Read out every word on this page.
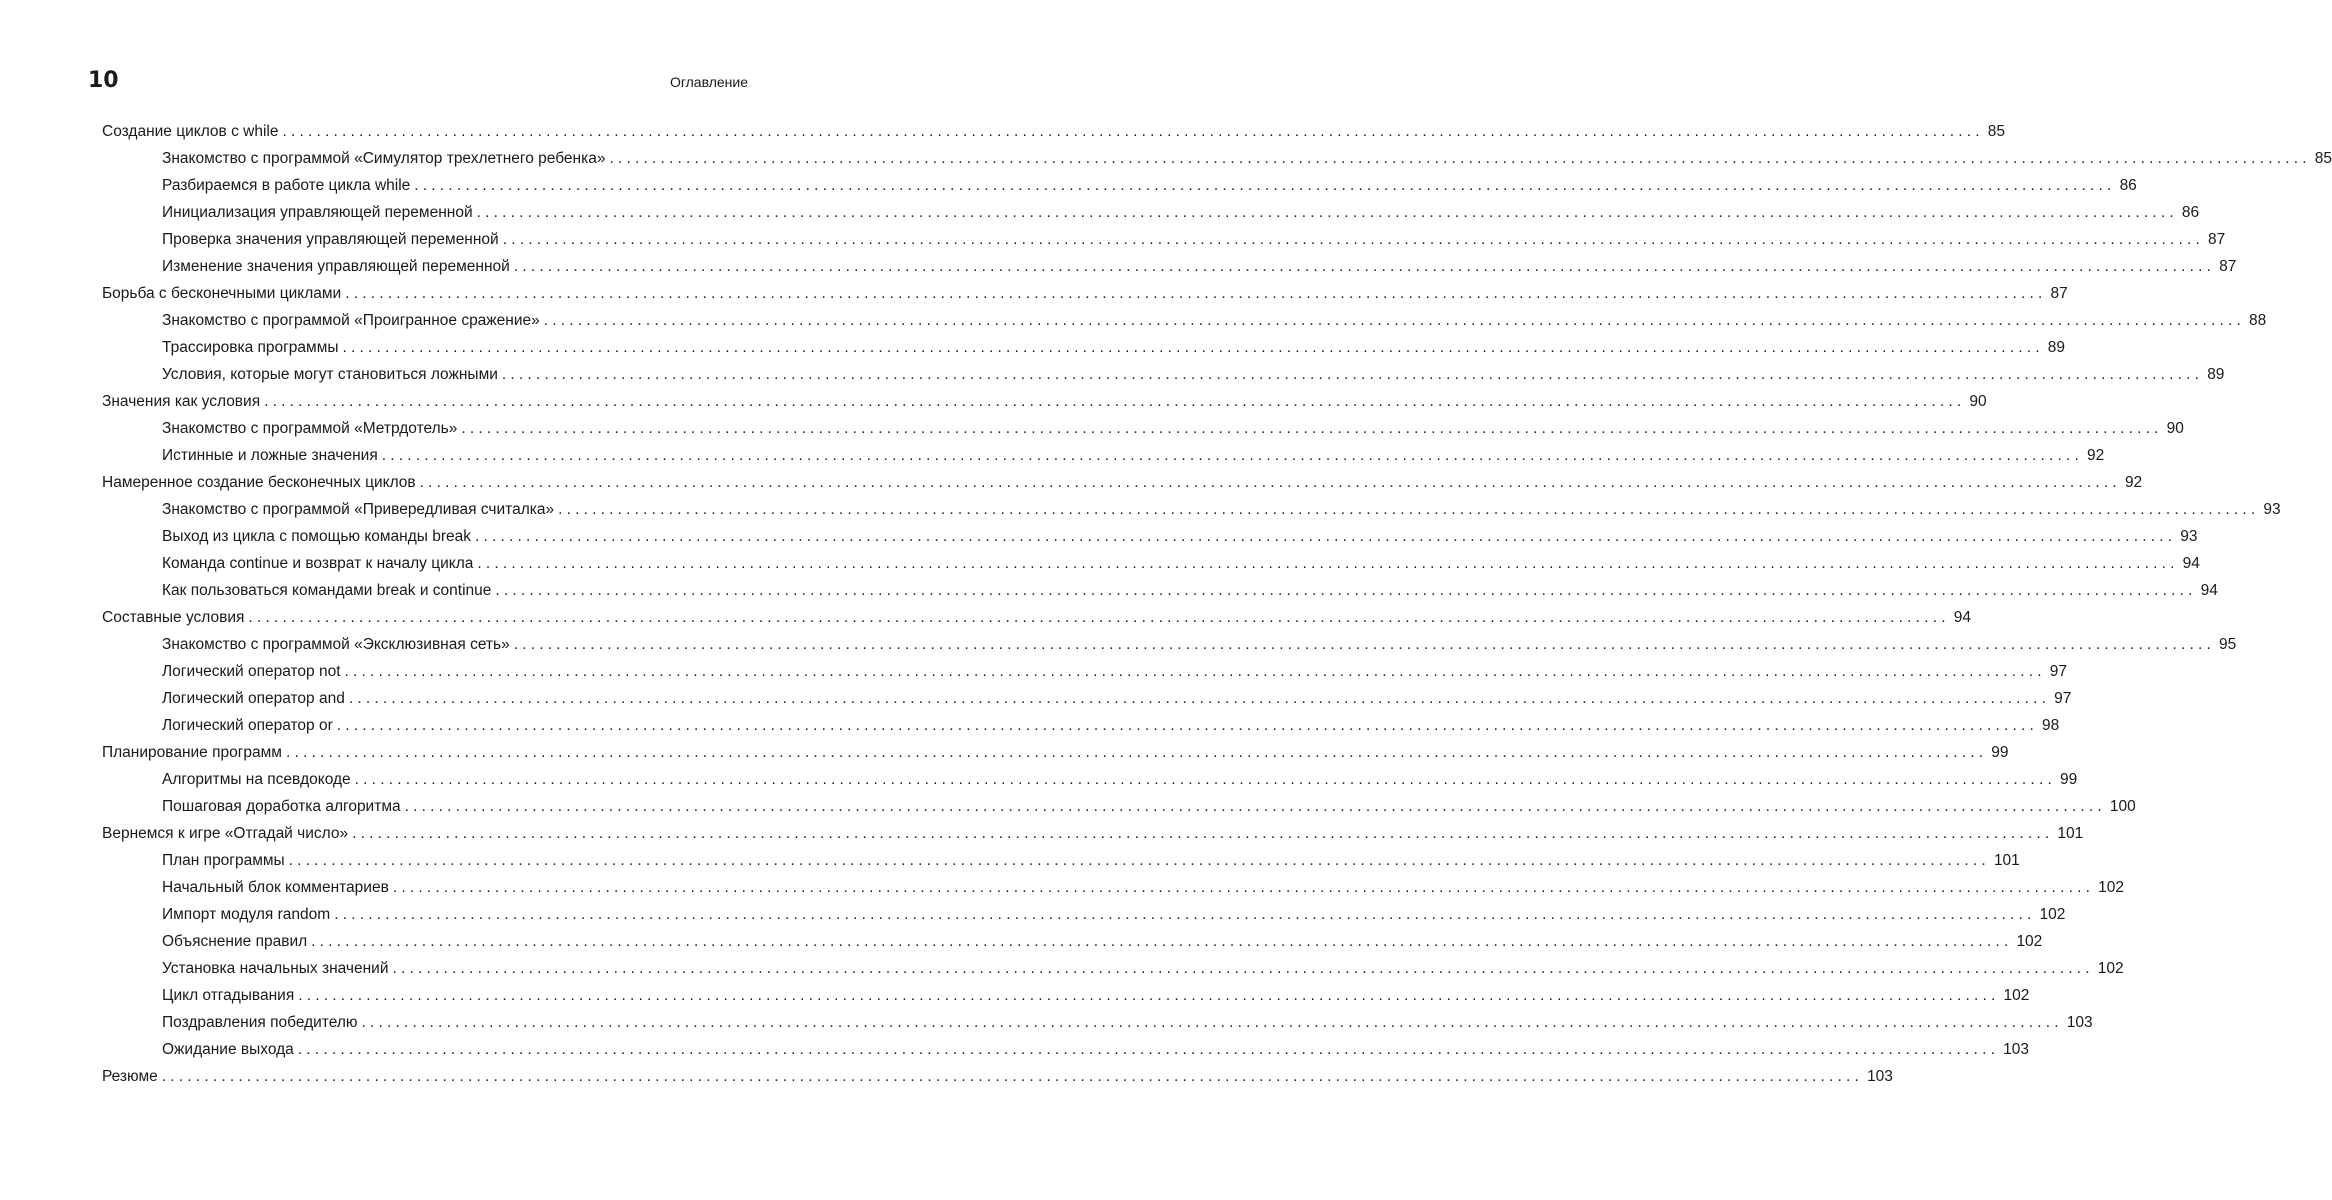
10	Оглавление
Создание циклов с while ........................................................................................................................................................................................................ 85
Знакомство с программой «Симулятор трехлетнего ребенка» ........................................................................................................................................................................................................ 85
Разбираемся в работе цикла while ........................................................................................................................................................................................................ 86
Инициализация управляющей переменной ........................................................................................................................................................................................................ 86
Проверка значения управляющей переменной ........................................................................................................................................................................................................ 87
Изменение значения управляющей переменной ........................................................................................................................................................................................................ 87
Борьба с бесконечными циклами ........................................................................................................................................................................................................ 87
Знакомство с программой «Проигранное сражение» ........................................................................................................................................................................................................ 88
Трассировка программы ........................................................................................................................................................................................................ 89
Условия, которые могут становиться ложными ........................................................................................................................................................................................................ 89
Значения как условия ........................................................................................................................................................................................................ 90
Знакомство с программой «Метрдотель» ........................................................................................................................................................................................................ 90
Истинные и ложные значения ........................................................................................................................................................................................................ 92
Намеренное создание бесконечных циклов ........................................................................................................................................................................................................ 92
Знакомство с программой «Привередливая считалка» ........................................................................................................................................................................................................ 93
Выход из цикла с помощью команды break ........................................................................................................................................................................................................ 93
Команда continue и возврат к началу цикла ........................................................................................................................................................................................................ 94
Как пользоваться командами break и continue ........................................................................................................................................................................................................ 94
Составные условия ........................................................................................................................................................................................................ 94
Знакомство с программой «Эксклюзивная сеть» ........................................................................................................................................................................................................ 95
Логический оператор not ........................................................................................................................................................................................................ 97
Логический оператор and ........................................................................................................................................................................................................ 97
Логический оператор or ........................................................................................................................................................................................................ 98
Планирование программ ........................................................................................................................................................................................................ 99
Алгоритмы на псевдокоде ........................................................................................................................................................................................................ 99
Пошаговая доработка алгоритма ........................................................................................................................................................................................................ 100
Вернемся к игре «Отгадай число» ........................................................................................................................................................................................................ 101
План программы ........................................................................................................................................................................................................ 101
Начальный блок комментариев ........................................................................................................................................................................................................ 102
Импорт модуля random ........................................................................................................................................................................................................ 102
Объяснение правил ........................................................................................................................................................................................................ 102
Установка начальных значений ........................................................................................................................................................................................................ 102
Цикл отгадывания ........................................................................................................................................................................................................ 102
Поздравления победителю ........................................................................................................................................................................................................ 103
Ожидание выхода ........................................................................................................................................................................................................ 103
Резюме ........................................................................................................................................................................................................ 103
